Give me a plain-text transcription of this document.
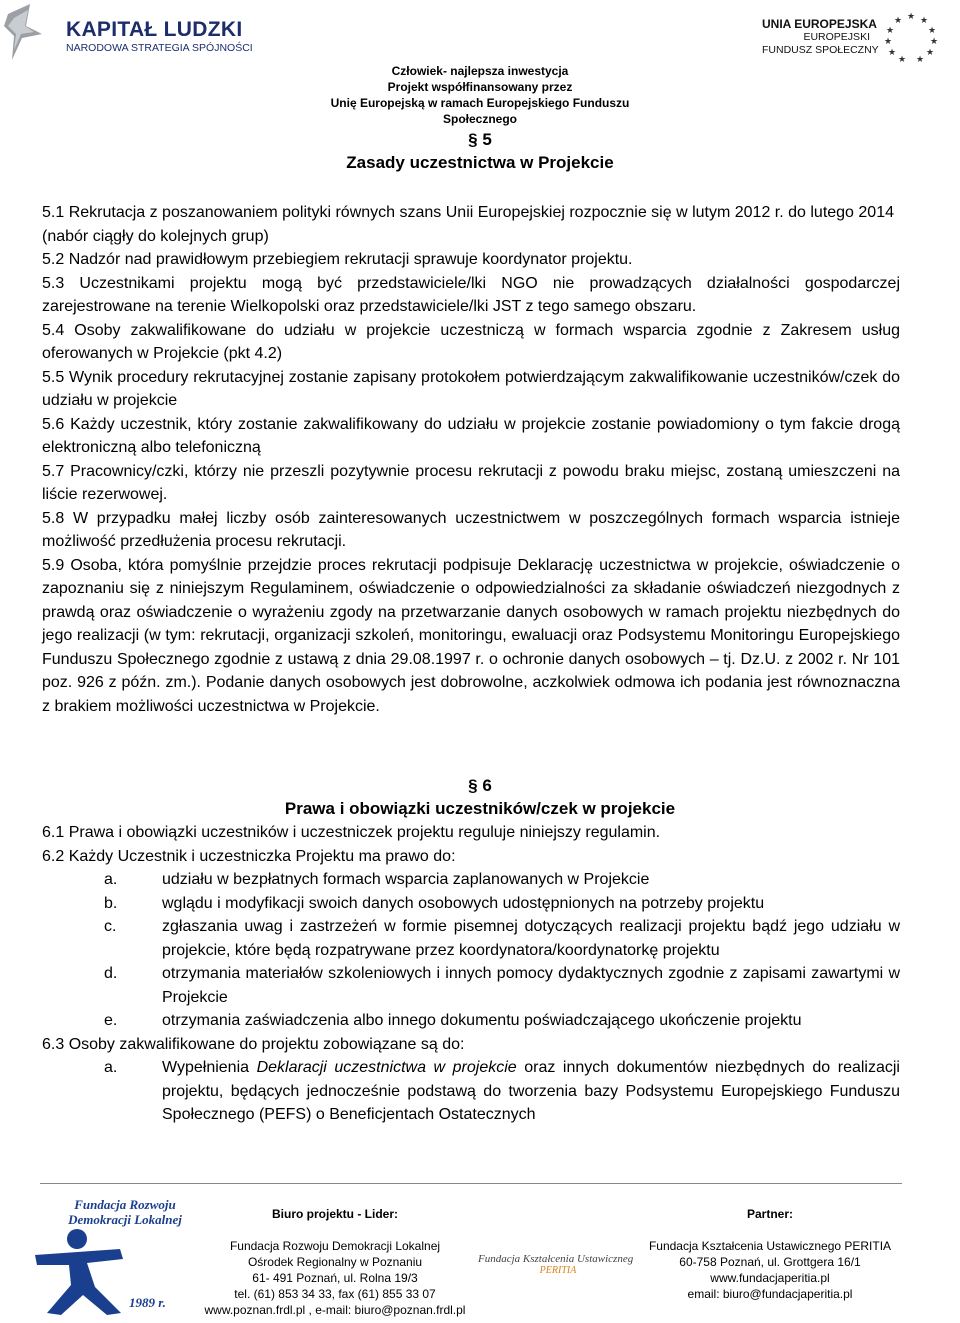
KAPITAŁ LUDZKI
NARODOWA STRATEGIA SPÓJNOŚCI
UNIA EUROPEJSKA
EUROPEJSKI
FUNDUSZ SPOŁECZNY
★ ★
★
★
★
★
★
★
★
★
★
Człowiek- najlepsza inwestycja
Projekt współfinansowany przez
Unię Europejską w ramach Europejskiego Funduszu Społecznego
§ 5
Zasady uczestnictwa w Projekcie

5.1 Rekrutacja z poszanowaniem polityki równych szans Unii Europejskiej rozpocznie się w lutym 2012 r. do lutego 2014 (nabór ciągły do kolejnych grup)

5.2 Nadzór nad prawidłowym przebiegiem rekrutacji sprawuje koordynator projektu.

5.3 Uczestnikami projektu mogą być przedstawiciele/lki NGO nie prowadzących działalności gospodarczej zarejestrowane na terenie Wielkopolski oraz przedstawiciele/lki JST z tego samego obszaru.

5.4 Osoby zakwalifikowane do udziału w projekcie uczestniczą w formach wsparcia zgodnie z Zakresem usług oferowanych w Projekcie (pkt 4.2)

5.5 Wynik procedury rekrutacyjnej zostanie zapisany protokołem potwierdzającym zakwalifikowanie uczestników/czek do udziału w projekcie

5.6 Każdy uczestnik, który zostanie zakwalifikowany do udziału w projekcie zostanie powiadomiony o tym fakcie drogą elektroniczną albo telefoniczną

5.7 Pracownicy/czki, którzy nie przeszli pozytywnie procesu rekrutacji z powodu braku miejsc, zostaną umieszczeni na liście rezerwowej.

5.8 W przypadku małej liczby osób zainteresowanych uczestnictwem w poszczególnych formach wsparcia istnieje możliwość przedłużenia procesu rekrutacji.

5.9 Osoba, która pomyślnie przejdzie proces rekrutacji podpisuje Deklarację uczestnictwa w projekcie, oświadczenie o zapoznaniu się z niniejszym Regulaminem, oświadczenie o odpowiedzialności za składanie oświadczeń niezgodnych z prawdą oraz oświadczenie o wyrażeniu zgody na przetwarzanie danych osobowych w ramach projektu niezbędnych do jego realizacji (w tym: rekrutacji, organizacji szkoleń, monitoringu, ewaluacji oraz Podsystemu Monitoringu Europejskiego Funduszu Społecznego zgodnie z ustawą z dnia 29.08.1997 r. o ochronie danych osobowych – tj. Dz.U. z 2002 r. Nr 101 poz. 926 z późn. zm.). Podanie danych osobowych jest dobrowolne, aczkolwiek odmowa ich podania jest równoznaczna z brakiem możliwości uczestnictwa w Projekcie.

§ 6
Prawa i obowiązki uczestników/czek w projekcie

6.1 Prawa i obowiązki uczestników i uczestniczek projektu reguluje niniejszy regulamin.

6.2 Każdy Uczestnik i uczestniczka Projektu ma prawo do:

a.	udziału w bezpłatnych formach wsparcia zaplanowanych w Projekcie
b.	wglądu i modyfikacji swoich danych osobowych udostępnionych na potrzeby projektu
c.	zgłaszania uwag i zastrzeżeń w formie pisemnej dotyczących realizacji projektu bądź jego udziału w projekcie, które będą rozpatrywane przez koordynatora/koordynatorkę projektu
d.	otrzymania materiałów szkoleniowych i innych pomocy dydaktycznych zgodnie z zapisami zawartymi w Projekcie
e.	otrzymania zaświadczenia albo innego dokumentu poświadczającego ukończenie projektu

6.3 Osoby zakwalifikowane do projektu zobowiązane są do:

a.	Wypełnienia Deklaracji uczestnictwa w projekcie oraz innych dokumentów niezbędnych do realizacji projektu, będących jednocześnie podstawą do tworzenia bazy Podsystemu Europejskiego Funduszu Społecznego (PEFS) o Beneficjentach Ostatecznych
Fundacja Rozwoju
Demokracji Lokalnej
1989 r.
Biuro projektu - Lider:
Fundacja Rozwoju Demokracji Lokalnej
Ośrodek Regionalny w Poznaniu
61- 491 Poznań, ul. Rolna 19/3
tel. (61) 853 34 33, fax (61) 855 33 07
www.poznan.frdl.pl , e-mail: biuro@poznan.frdl.pl
Fundacja Kształcenia Ustawiczneg
PERITIA
Partner:
Fundacja Kształcenia Ustawicznego PERITIA
60-758 Poznań, ul. Grottgera 16/1
www.fundacjaperitia.pl
email: biuro@fundacjaperitia.pl
